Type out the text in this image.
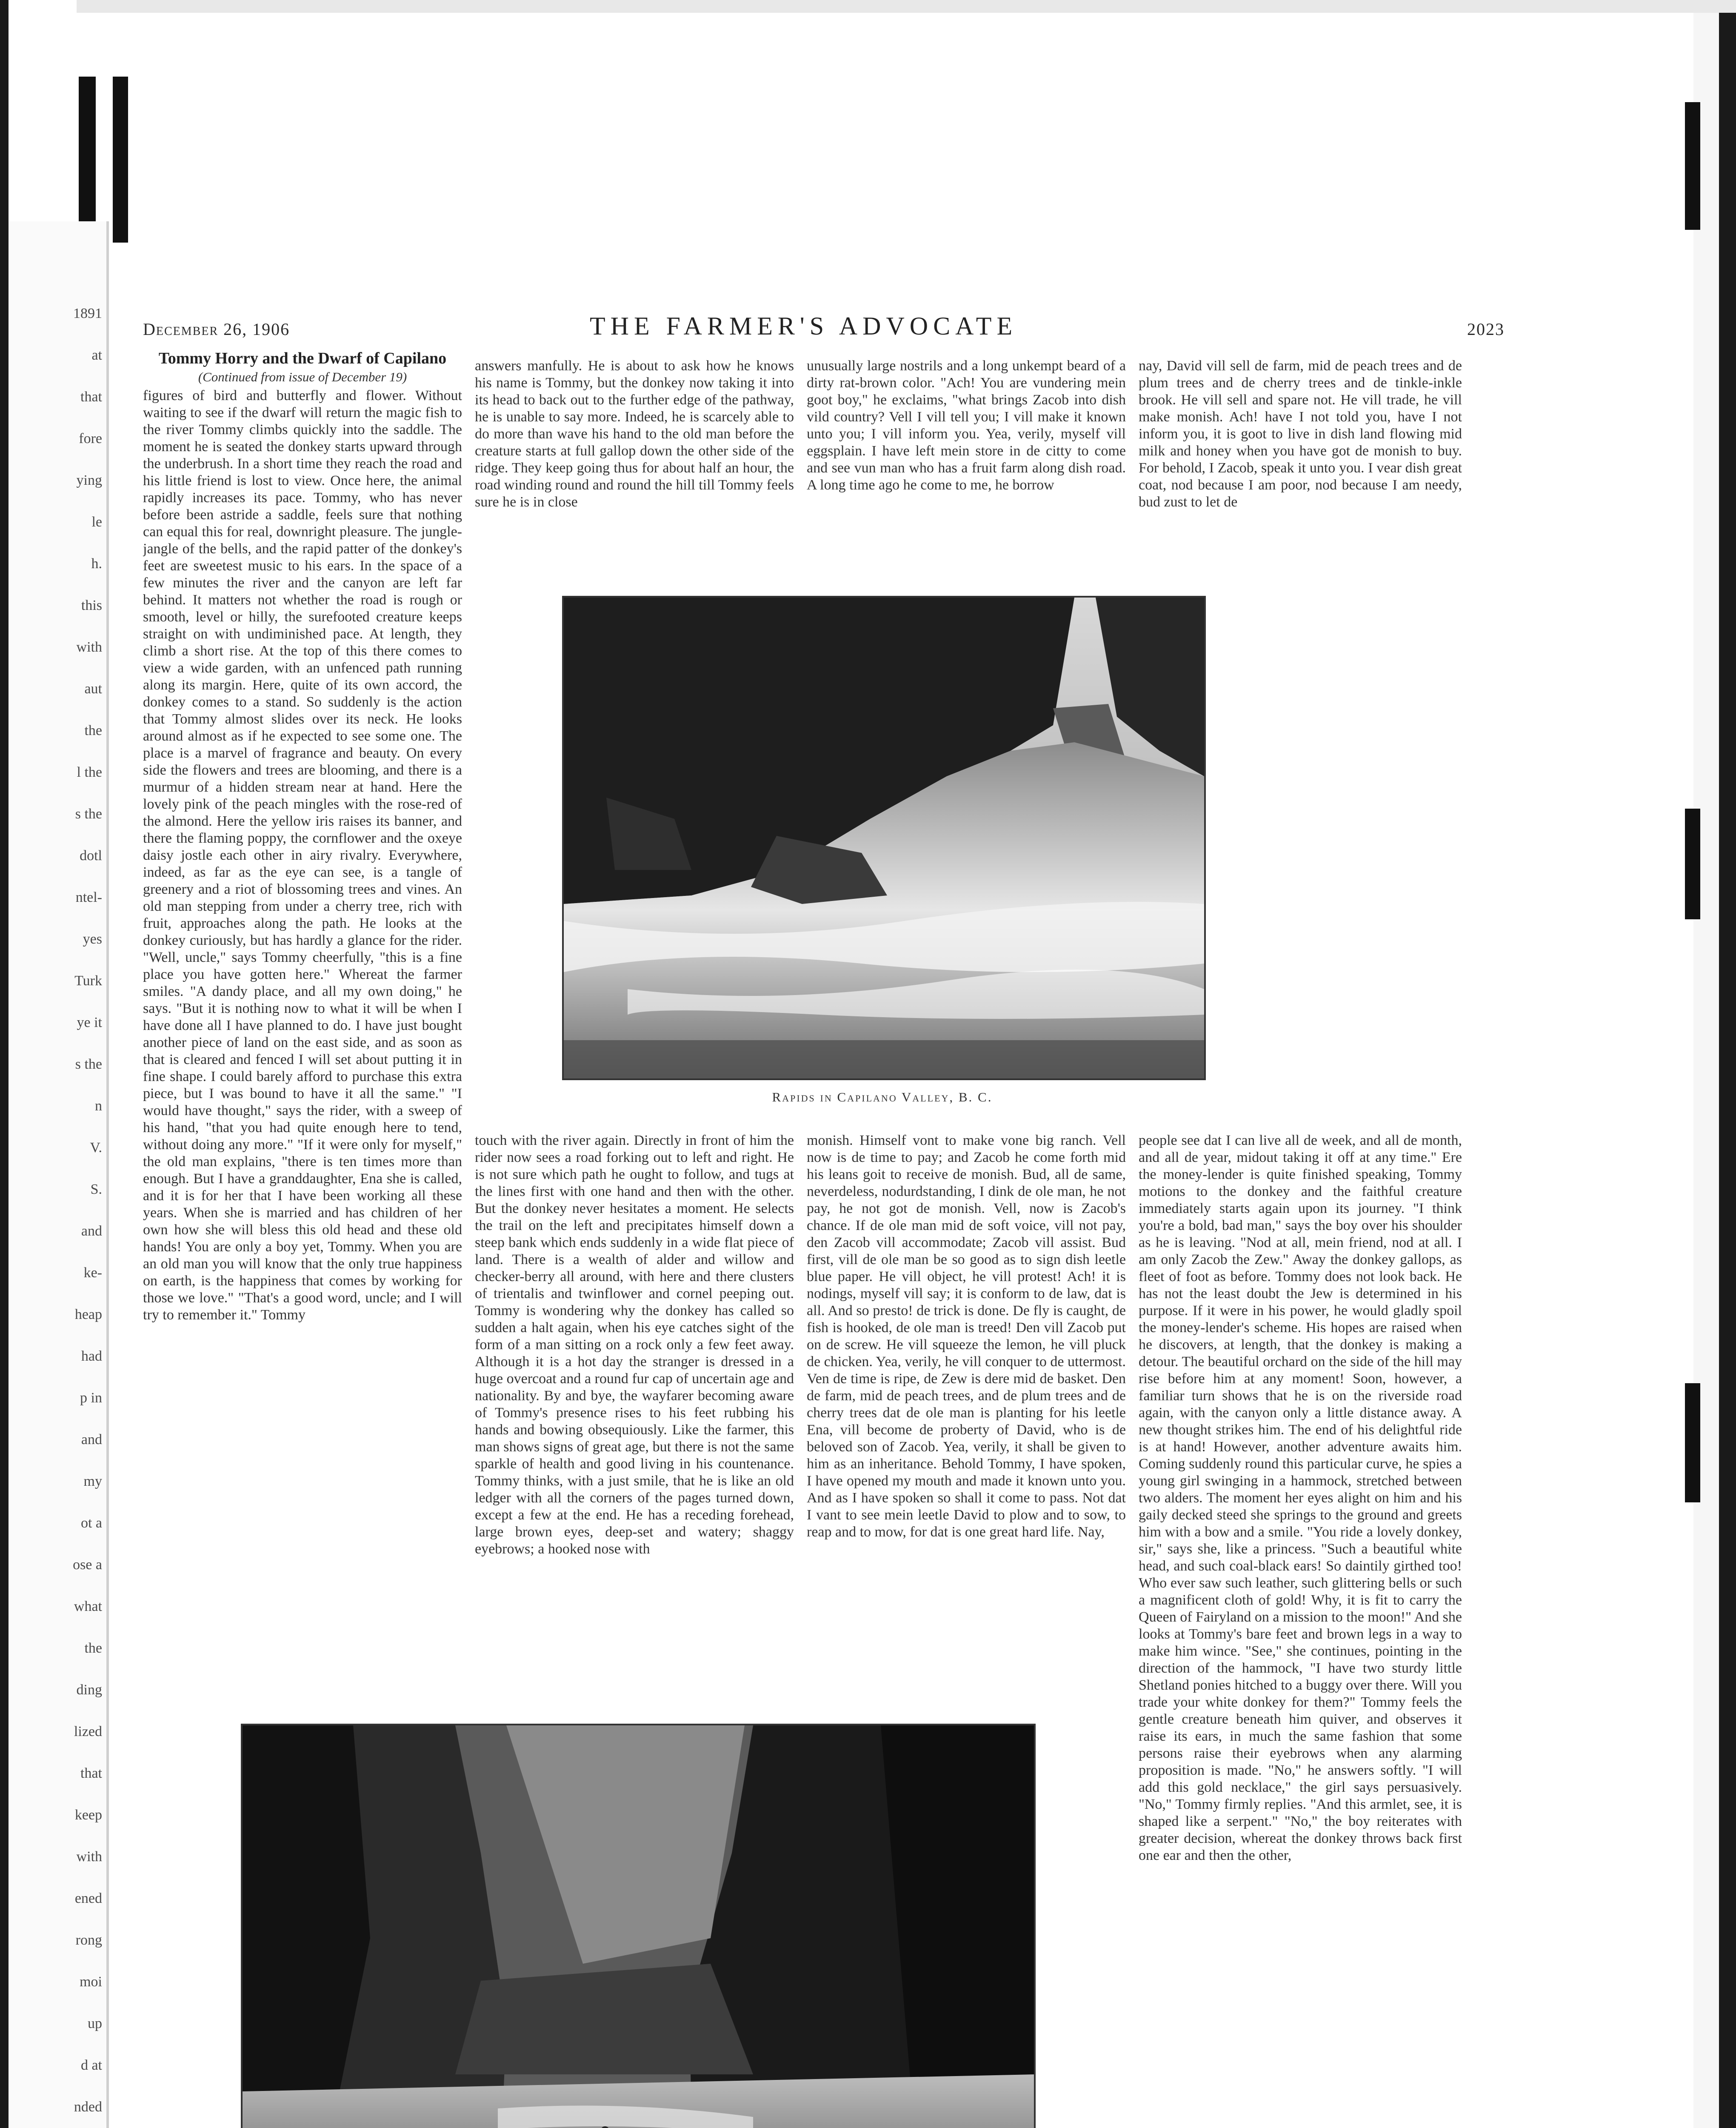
1891
at
that
fore
ying
le
h.
this
with
aut
the
l the
s the
dotl
ntel-
yes
Turk
ye it
s the
n
V.
S.
and
ke-
heap
had
p in
and
my
ot a
ose a
what
the
ding
lized
that
keep
with
ened
rong
moi
up
d at
nded
December 26, 1906	THE FARMER'S ADVOCATE	2023
Tommy Horry and the Dwarf of Capilano
(Continued from issue of December 19)

figures of bird and butterfly and flower. Without waiting to see if the dwarf will return the magic fish to the river Tommy climbs quickly into the saddle. The moment he is seated the donkey starts upward through the underbrush. In a short time they reach the road and his little friend is lost to view. Once here, the animal rapidly increases its pace. Tommy, who has never before been astride a saddle, feels sure that nothing can equal this for real, downright pleasure. The jungle-jangle of the bells, and the rapid patter of the donkey's feet are sweetest music to his ears. In the space of a few minutes the river and the canyon are left far behind. It matters not whether the road is rough or smooth, level or hilly, the surefooted creature keeps straight on with undiminished pace. At length, they climb a short rise. At the top of this there comes to view a wide garden, with an unfenced path running along its margin. Here, quite of its own accord, the donkey comes to a stand. So suddenly is the action that Tommy almost slides over its neck. He looks around almost as if he expected to see some one. The place is a marvel of fragrance and beauty. On every side the flowers and trees are blooming, and there is a murmur of a hidden stream near at hand. Here the lovely pink of the peach mingles with the rose-red of the almond. Here the yellow iris raises its banner, and there the flaming poppy, the cornflower and the oxeye daisy jostle each other in airy rivalry. Everywhere, indeed, as far as the eye can see, is a tangle of greenery and a riot of blossoming trees and vines. An old man stepping from under a cherry tree, rich with fruit, approaches along the path. He looks at the donkey curiously, but has hardly a glance for the rider. "Well, uncle," says Tommy cheerfully, "this is a fine place you have gotten here." Whereat the farmer smiles. "A dandy place, and all my own doing," he says. "But it is nothing now to what it will be when I have done all I have planned to do. I have just bought another piece of land on the east side, and as soon as that is cleared and fenced I will set about putting it in fine shape. I could barely afford to purchase this extra piece, but I was bound to have it all the same." "I would have thought," says the rider, with a sweep of his hand, "that you had quite enough here to tend, without doing any more." "If it were only for myself," the old man explains, "there is ten times more than enough. But I have a granddaughter, Ena she is called, and it is for her that I have been working all these years. When she is married and has children of her own how she will bless this old head and these old hands! You are only a boy yet, Tommy. When you are an old man you will know that the only true happiness on earth, is the happiness that comes by working for those we love." "That's a good word, uncle; and I will try to remember it." Tommy

answers manfully. He is about to ask how he knows his name is Tommy, but the donkey now taking it into its head to back out to the further edge of the pathway, he is unable to say more. Indeed, he is scarcely able to do more than wave his hand to the old man before the creature starts at full gallop down the other side of the ridge. They keep going thus for about half an hour, the road winding round and round the hill till Tommy feels sure he is in close

unusually large nostrils and a long unkempt beard of a dirty rat-brown color. "Ach! You are vundering mein goot boy," he exclaims, "what brings Zacob into dish vild country? Vell I vill tell you; I vill make it known unto you; I vill inform you. Yea, verily, myself vill eggsplain. I have left mein store in de citty to come and see vun man who has a fruit farm along dish road. A long time ago he come to me, he borrow

nay, David vill sell de farm, mid de peach trees and de plum trees and de cherry trees and de tinkle-inkle brook. He vill sell and spare not. He vill trade, he vill make monish. Ach! have I not told you, have I not inform you, it is goot to live in dish land flowing mid milk and honey when you have got de monish to buy. For behold, I Zacob, speak it unto you. I vear dish great coat, nod because I am poor, nod because I am needy, bud zust to let de

Rapids in Capilano Valley, B. C.

touch with the river again. Directly in front of him the rider now sees a road forking out to left and right. He is not sure which path he ought to follow, and tugs at the lines first with one hand and then with the other. But the donkey never hesitates a moment. He selects the trail on the left and precipitates himself down a steep bank which ends suddenly in a wide flat piece of land. There is a wealth of alder and willow and checker-berry all around, with here and there clusters of trientalis and twinflower and cornel peeping out. Tommy is wondering why the donkey has called so sudden a halt again, when his eye catches sight of the form of a man sitting on a rock only a few feet away. Although it is a hot day the stranger is dressed in a huge overcoat and a round fur cap of uncertain age and nationality. By and bye, the wayfarer becoming aware of Tommy's presence rises to his feet rubbing his hands and bowing obsequiously. Like the farmer, this man shows signs of great age, but there is not the same sparkle of health and good living in his countenance. Tommy thinks, with a just smile, that he is like an old ledger with all the corners of the pages turned down, except a few at the end. He has a receding forehead, large brown eyes, deep-set and watery; shaggy eyebrows; a hooked nose with

monish. Himself vont to make vone big ranch. Vell now is de time to pay; and Zacob he come forth mid his leans goit to receive de monish. Bud, all de same, neverdeless, nodurdstanding, I dink de ole man, he not pay, he not got de monish. Vell, now is Zacob's chance. If de ole man mid de soft voice, vill not pay, den Zacob vill accommodate; Zacob vill assist. Bud first, vill de ole man be so good as to sign dish leetle blue paper. He vill object, he vill protest! Ach! it is nodings, myself vill say; it is conform to de law, dat is all. And so presto! de trick is done. De fly is caught, de fish is hooked, de ole man is treed! Den vill Zacob put on de screw. He vill squeeze the lemon, he vill pluck de chicken. Yea, verily, he vill conquer to de uttermost. Ven de time is ripe, de Zew is dere mid de basket. Den de farm, mid de peach trees, and de plum trees and de cherry trees dat de ole man is planting for his leetle Ena, vill become de proberty of David, who is de beloved son of Zacob. Yea, verily, it shall be given to him as an inheritance. Behold Tommy, I have spoken, I have opened my mouth and made it known unto you. And as I have spoken so shall it come to pass. Not dat I vant to see mein leetle David to plow and to sow, to reap and to mow, for dat is one great hard life. Nay,

people see dat I can live all de week, and all de month, and all de year, midout taking it off at any time." Ere the money-lender is quite finished speaking, Tommy motions to the donkey and the faithful creature immediately starts again upon its journey. "I think you're a bold, bad man," says the boy over his shoulder as he is leaving. "Nod at all, mein friend, nod at all. I am only Zacob the Zew." Away the donkey gallops, as fleet of foot as before. Tommy does not look back. He has not the least doubt the Jew is determined in his purpose. If it were in his power, he would gladly spoil the money-lender's scheme. His hopes are raised when he discovers, at length, that the donkey is making a detour. The beautiful orchard on the side of the hill may rise before him at any moment! Soon, however, a familiar turn shows that he is on the riverside road again, with the canyon only a little distance away. A new thought strikes him. The end of his delightful ride is at hand! However, another adventure awaits him. Coming suddenly round this particular curve, he spies a young girl swinging in a hammock, stretched between two alders. The moment her eyes alight on him and his gaily decked steed she springs to the ground and greets him with a bow and a smile. "You ride a lovely donkey, sir," says she, like a princess. "Such a beautiful white head, and such coal-black ears! So daintily girthed too! Who ever saw such leather, such glittering bells or such a magnificent cloth of gold! Why, it is fit to carry the Queen of Fairyland on a mission to the moon!" And she looks at Tommy's bare feet and brown legs in a way to make him wince. "See," she continues, pointing in the direction of the hammock, "I have two sturdy little Shetland ponies hitched to a buggy over there. Will you trade your white donkey for them?" Tommy feels the gentle creature beneath him quiver, and observes it raise its ears, in much the same fashion that some persons raise their eyebrows when any alarming proposition is made. "No," he answers softly. "I will add this gold necklace," the girl says persuasively. "No," Tommy firmly replies. "And this armlet, see, it is shaped like a serpent." "No," the boy reiterates with greater decision, whereat the donkey throws back first one ear and then the other,
